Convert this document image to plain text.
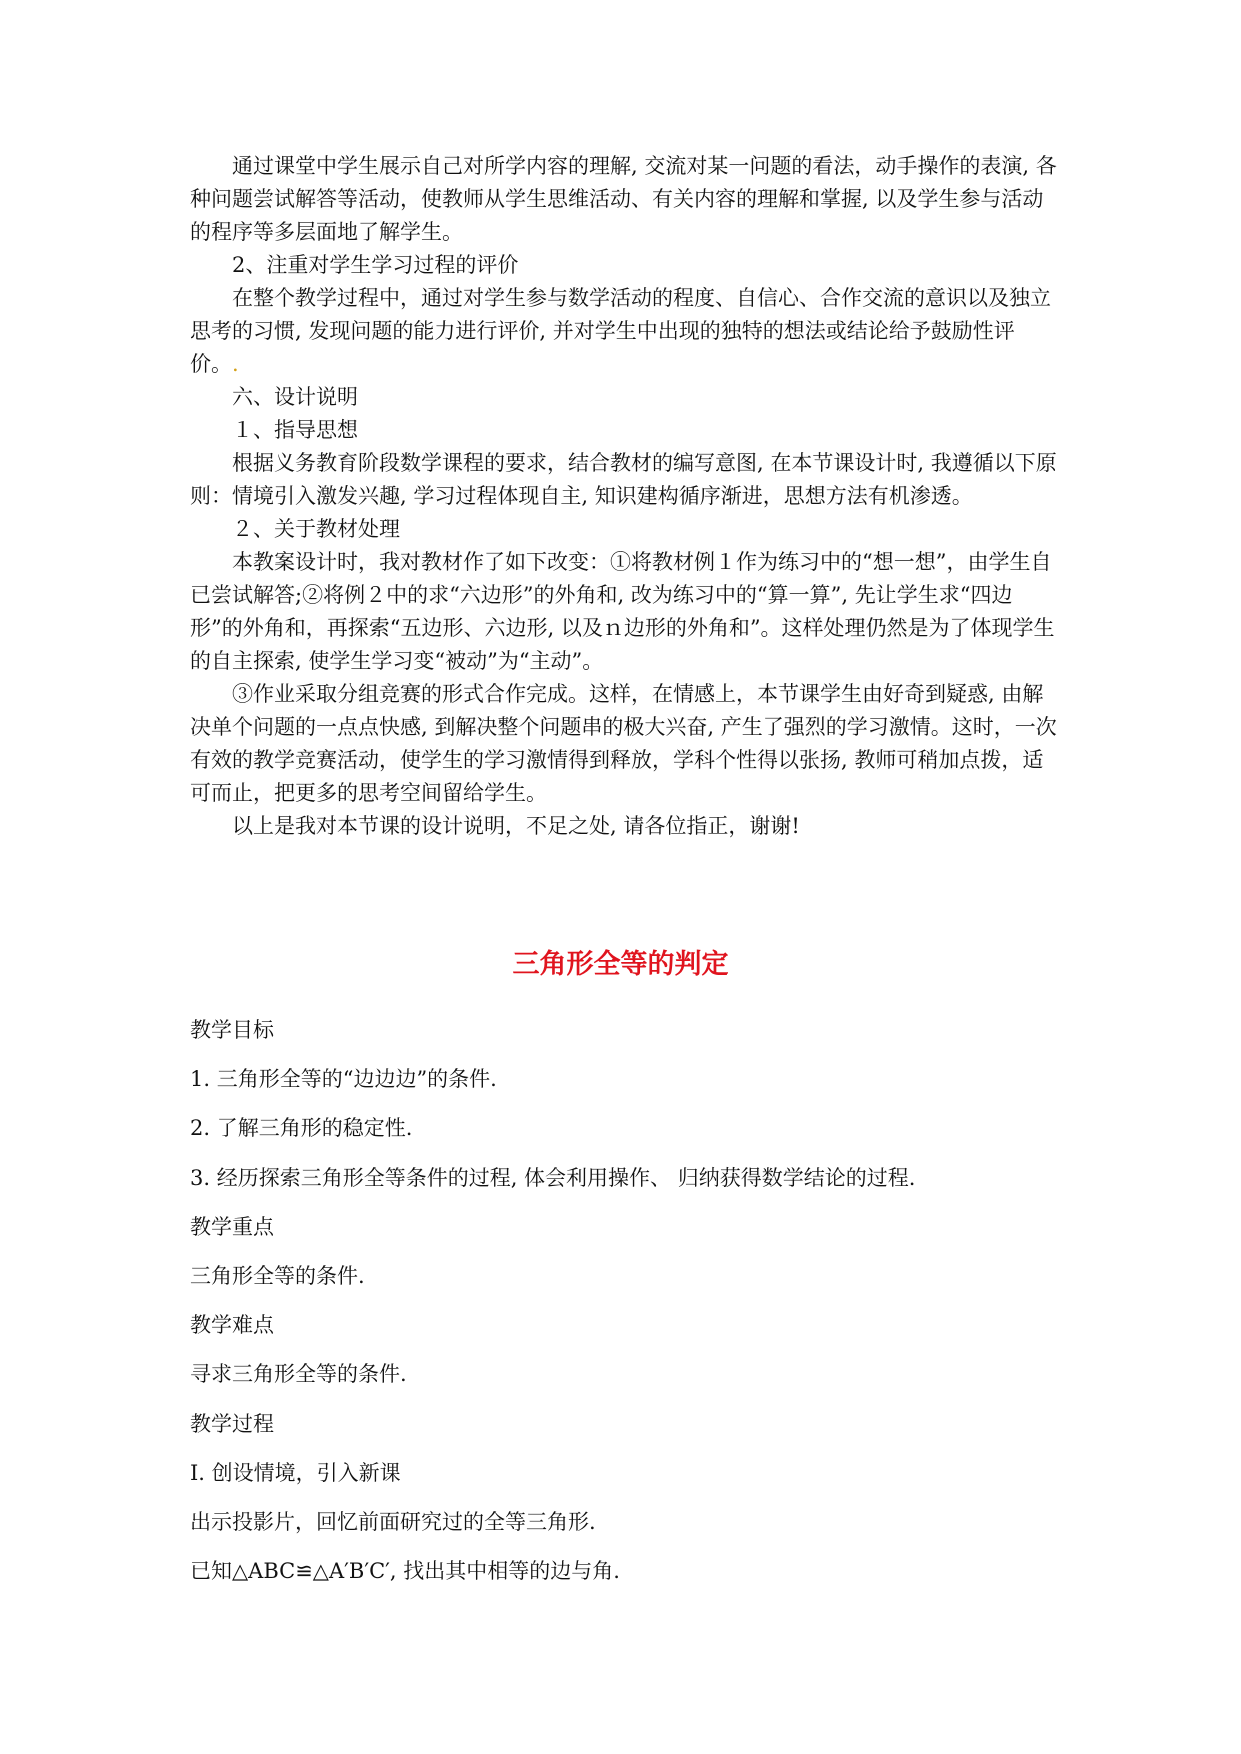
通过课堂中学生展示自己对所学内容的理解, 交流对某一问题的看法，动手操作的表演, 各种问题尝试解答等活动，使教师从学生思维活动、有关内容的理解和掌握, 以及学生参与活动的程序等多层面地了解学生。

2、注重对学生学习过程的评价

在整个教学过程中，通过对学生参与数学活动的程度、自信心、合作交流的意识以及独立思考的习惯, 发现问题的能力进行评价, 并对学生中出现的独特的想法或结论给予鼓励性评价。.

六、设计说明

１、指导思想

根据义务教育阶段数学课程的要求，结合教材的编写意图, 在本节课设计时, 我遵循以下原则：情境引入激发兴趣, 学习过程体现自主, 知识建构循序渐进，思想方法有机渗透。

２、关于教材处理

本教案设计时，我对教材作了如下改变：①将教材例１作为练习中的“想一想”，由学生自已尝试解答;②将例２中的求“六边形”的外角和, 改为练习中的“算一算”, 先让学生求“四边形”的外角和，再探索“五边形、六边形, 以及ｎ边形的外角和”。这样处理仍然是为了体现学生的自主探索, 使学生学习变“被动”为“主动”。

③作业采取分组竞赛的形式合作完成。这样，在情感上，本节课学生由好奇到疑惑, 由解决单个问题的一点点快感, 到解决整个问题串的极大兴奋, 产生了强烈的学习激情。这时，一次有效的教学竞赛活动，使学生的学习激情得到释放，学科个性得以张扬, 教师可稍加点拨，适可而止，把更多的思考空间留给学生。

以上是我对本节课的设计说明，不足之处, 请各位指正，谢谢!

三角形全等的判定

教学目标

1. 三角形全等的“边边边”的条件.

2. 了解三角形的稳定性.

3. 经历探索三角形全等条件的过程, 体会利用操作、 归纳获得数学结论的过程.

教学重点

三角形全等的条件.

教学难点

寻求三角形全等的条件.

教学过程

Ⅰ. 创设情境，引入新课

出示投影片，回忆前面研究过的全等三角形.

已知△ABC≌△A′B′C′, 找出其中相等的边与角.
